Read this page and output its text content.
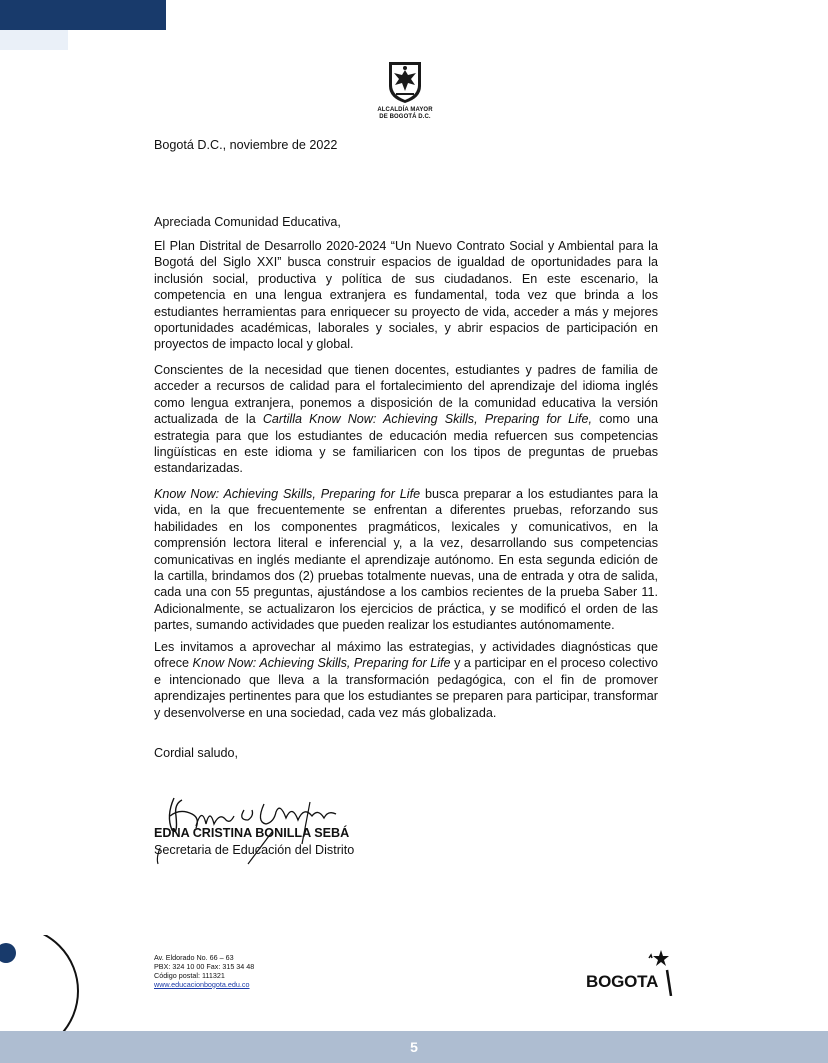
ALCALDÍA MAYOR
DE BOGOTÁ D.C.
Bogotá D.C., noviembre de 2022
Apreciada Comunidad Educativa,

El Plan Distrital de Desarrollo 2020-2024 “Un Nuevo Contrato Social y Ambiental para la Bogotá del Siglo XXI” busca construir espacios de igualdad de oportunidades para la inclusión social, productiva y política de sus ciudadanos. En este escenario, la competencia en una lengua extranjera es fundamental, toda vez que brinda a los estudiantes herramientas para enriquecer su proyecto de vida, acceder a más y mejores oportunidades académicas, laborales y sociales, y abrir espacios de participación en proyectos de impacto local y global.

Conscientes de la necesidad que tienen docentes, estudiantes y padres de familia de acceder a recursos de calidad para el fortalecimiento del aprendizaje del idioma inglés como lengua extranjera, ponemos a disposición de la comunidad educativa la versión actualizada de la Cartilla Know Now: Achieving Skills, Preparing for Life, como una estrategia para que los estudiantes de educación media refuercen sus competencias lingüísticas en este idioma y se familiaricen con los tipos de preguntas de pruebas estandarizadas.

Know Now: Achieving Skills, Preparing for Life busca preparar a los estudiantes para la vida, en la que frecuentemente se enfrentan a diferentes pruebas, reforzando sus habilidades en los componentes pragmáticos, lexicales y comunicativos, en la comprensión lectora literal e inferencial y, a la vez, desarrollando sus competencias comunicativas en inglés mediante el aprendizaje autónomo. En esta segunda edición de la cartilla, brindamos dos (2) pruebas totalmente nuevas, una de entrada y otra de salida, cada una con 55 preguntas, ajustándose a los cambios recientes de la prueba Saber 11. Adicionalmente, se actualizaron los ejercicios de práctica, y se modificó el orden de las partes, sumando actividades que pueden realizar los estudiantes autónomamente.

Les invitamos a aprovechar al máximo las estrategias, y actividades diagnósticas que ofrece Know Now: Achieving Skills, Preparing for Life y a participar en el proceso colectivo e intencionado que lleva a la transformación pedagógica, con el fin de promover aprendizajes pertinentes para que los estudiantes se preparen para participar, transformar y desenvolverse en una sociedad, cada vez más globalizada.

Cordial saludo,
EDNA CRISTINA BONILLA SEBÁ
Secretaria de Educación del Distrito
Av. Eldorado No. 66 – 63
PBX: 324 10 00 Fax: 315 34 48
Código postal: 111321
www.educacionbogota.edu.co	BOGOTA
5
